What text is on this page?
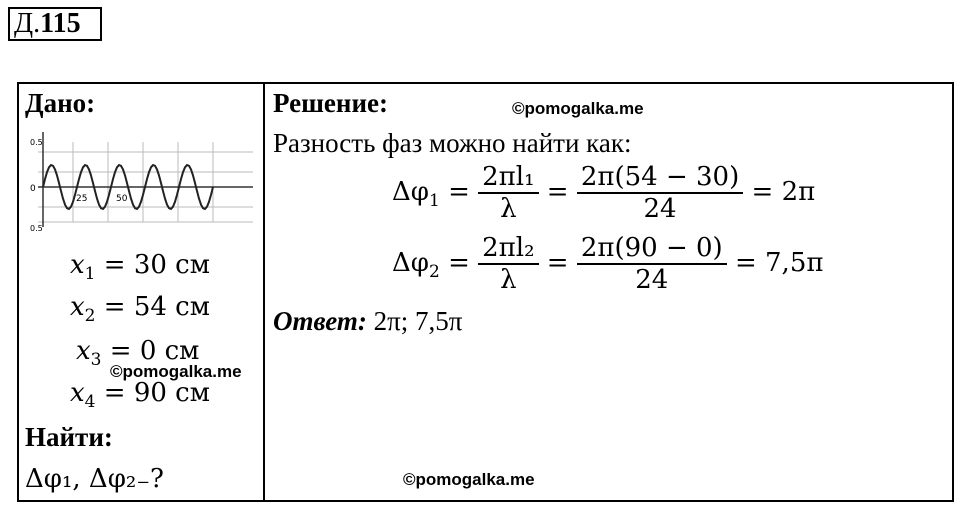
Д.115
Дано:
0
25	50
0.5
0.5
$x_1 = 30$ см
$x_2 = 54$ см
$x_3 = 0$ см
$x_4 = 90$ см
©pomogalka.me
Найти:
Δφ₁, Δφ₂₋?
Решение:	©pomogalka.me
Разность фаз можно найти как:
$\Delta\varphi_1 = \frac{\text{2πl₁}}{\lambda} = \frac{2\pi(54 - 30)}{24} = 2\pi$
$\Delta\varphi_2 = \frac{\text{2πl₂}}{\lambda} = \frac{2\pi(90 - 0)}{24} = 7,5\pi$
Ответ: 2π; 7,5π
©pomogalka.me
